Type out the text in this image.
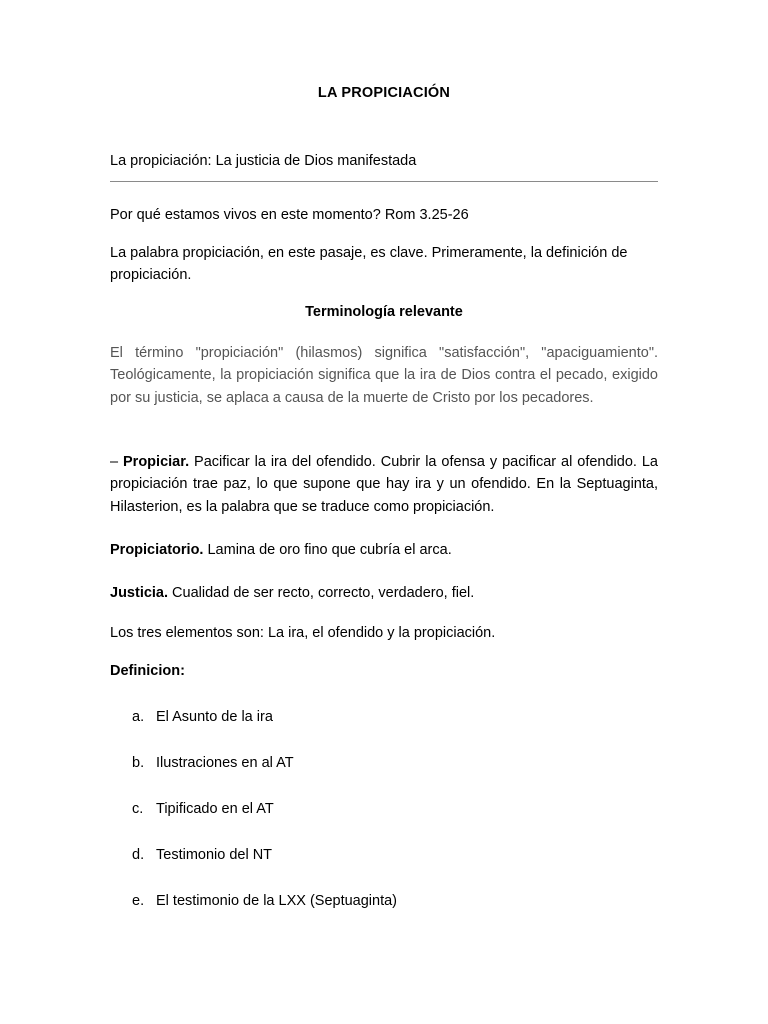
LA PROPICIACIÓN
La propiciación: La justicia de Dios manifestada
Por qué estamos vivos en este momento? Rom 3.25-26
La palabra propiciación, en este pasaje, es clave. Primeramente, la definición de propiciación.
Terminología relevante
El término "propiciación" (hilasmos) significa "satisfacción", "apaciguamiento". Teológicamente, la propiciación significa que la ira de Dios contra el pecado, exigido por su justicia, se aplaca a causa de la muerte de Cristo por los pecadores.
– Propiciar. Pacificar la ira del ofendido. Cubrir la ofensa y pacificar al ofendido. La propiciación trae paz, lo que supone que hay ira y un ofendido. En la Septuaginta, Hilasterion, es la palabra que se traduce como propiciación.
Propiciatorio. Lamina de oro fino que cubría el arca.
Justicia. Cualidad de ser recto, correcto, verdadero, fiel.
Los tres elementos son: La ira, el ofendido y la propiciación.
Definicion:
a. El Asunto de la ira
b. Ilustraciones en al AT
c. Tipificado en el AT
d. Testimonio del NT
e. El testimonio de la LXX (Septuaginta)
